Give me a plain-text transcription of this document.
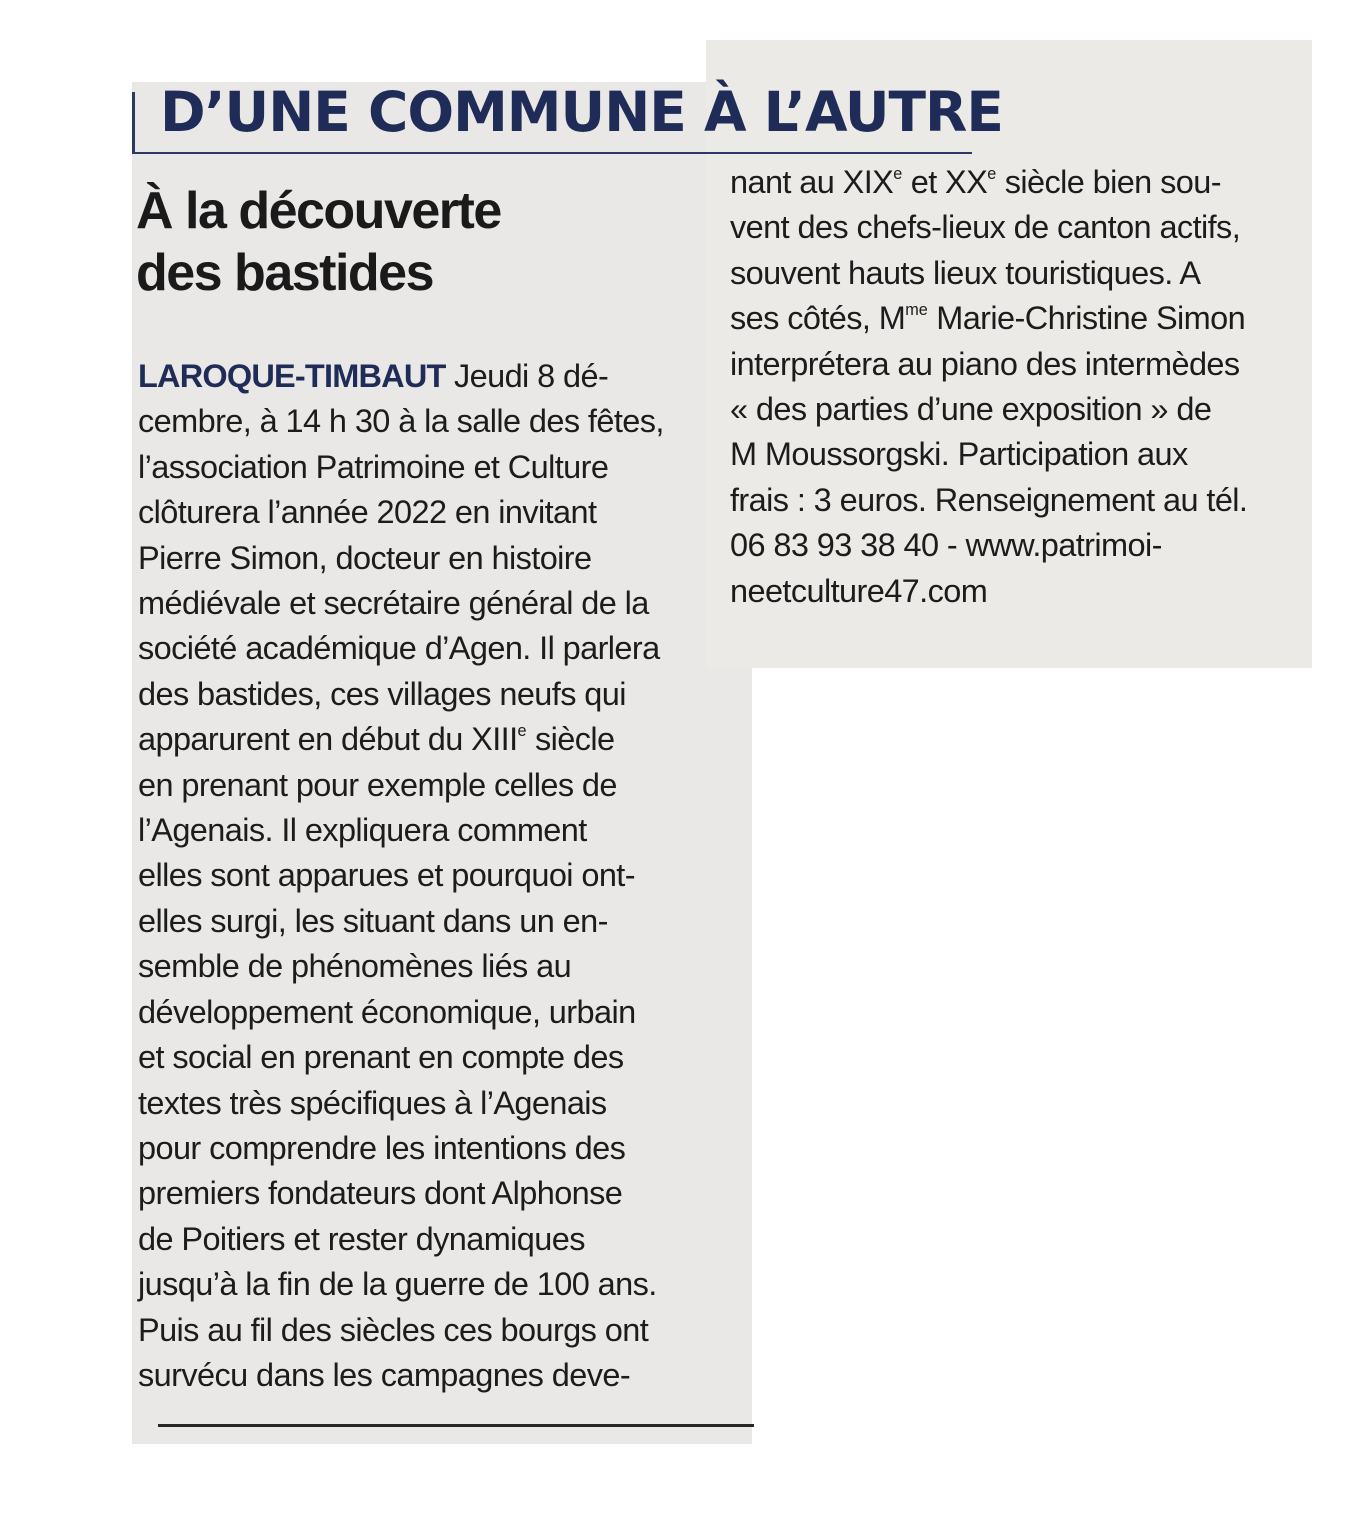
D’UNE COMMUNE À L’AUTRE
À la découverte
des bastides
LAROQUE-TIMBAUT Jeudi 8 dé-
cembre, à 14 h 30 à la salle des fêtes,
l’association Patrimoine et Culture
clôturera l’année 2022 en invitant
Pierre Simon, docteur en histoire
médiévale et secrétaire général de la
société académique d’Agen. Il parlera
des bastides, ces villages neufs qui
apparurent en début du XIIIe siècle
en prenant pour exemple celles de
l’Agenais. Il expliquera comment
elles sont apparues et pourquoi ont-
elles surgi, les situant dans un en-
semble de phénomènes liés au
développement économique, urbain
et social en prenant en compte des
textes très spécifiques à l’Agenais
pour comprendre les intentions des
premiers fondateurs dont Alphonse
de Poitiers et rester dynamiques
jusqu’à la fin de la guerre de 100 ans.
Puis au fil des siècles ces bourgs ont
survécu dans les campagnes deve-
nant au XIXe et XXe siècle bien sou-
vent des chefs-lieux de canton actifs,
souvent hauts lieux touristiques. A
ses côtés, $M^{me}$ Marie-Christine Simon
interprétera au piano des intermèdes
« des parties d’une exposition » de
M Moussorgski. Participation aux
frais : 3 euros. Renseignement au tél.
06 83 93 38 40 - www.patrimoi-
neetculture47.com
